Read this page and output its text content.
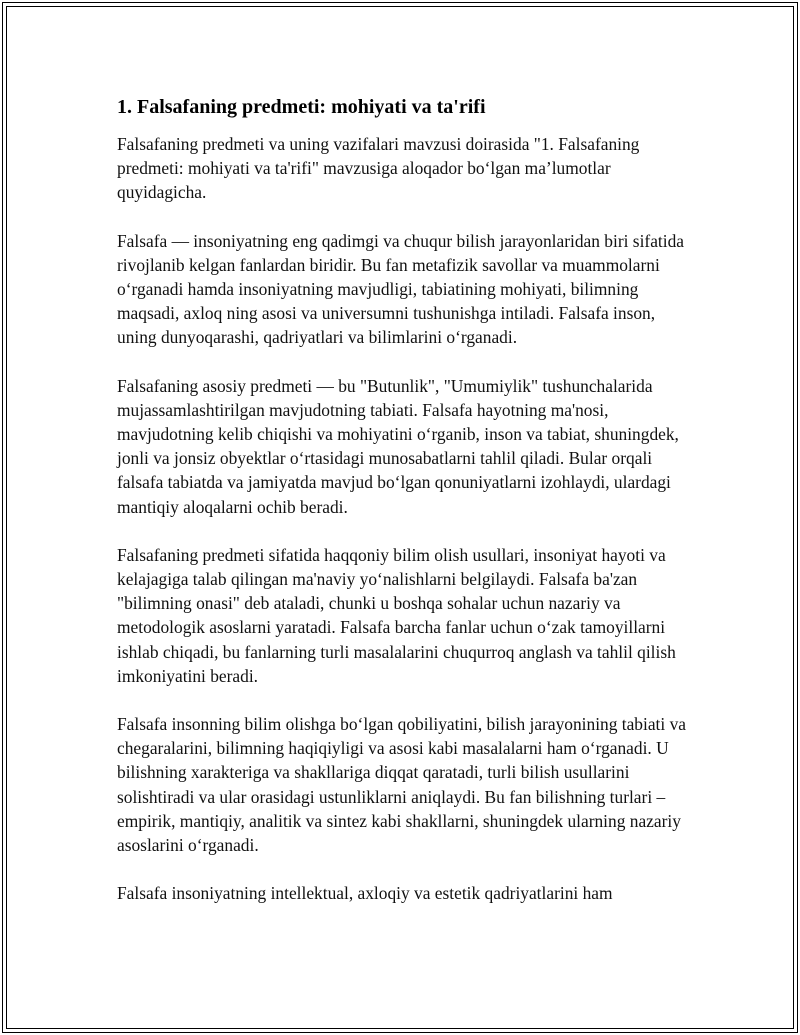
1. Falsafaning predmeti: mohiyati va ta'rifi

Falsafaning predmeti va uning vazifalari mavzusi doirasida "1. Falsafaning predmeti: mohiyati va ta'rifi" mavzusiga aloqador bo‘lgan ma’lumotlar quyidagicha.

Falsafa — insoniyatning eng qadimgi va chuqur bilish jarayonlaridan biri sifatida rivojlanib kelgan fanlardan biridir. Bu fan metafizik savollar va muammolarni o‘rganadi hamda insoniyatning mavjudligi, tabiatining mohiyati, bilimning maqsadi, axloq ning asosi va universumni tushunishga intiladi. Falsafa inson, uning dunyoqarashi, qadriyatlari va bilimlarini o‘rganadi.

Falsafaning asosiy predmeti — bu "Butunlik", "Umumiylik" tushunchalarida mujassamlashtirilgan mavjudotning tabiati. Falsafa hayotning ma'nosi, mavjudotning kelib chiqishi va mohiyatini o‘rganib, inson va tabiat, shuningdek, jonli va jonsiz obyektlar o‘rtasidagi munosabatlarni tahlil qiladi. Bular orqali falsafa tabiatda va jamiyatda mavjud bo‘lgan qonuniyatlarni izohlaydi, ulardagi mantiqiy aloqalarni ochib beradi.

Falsafaning predmeti sifatida haqqoniy bilim olish usullari, insoniyat hayoti va kelajagiga talab qilingan ma'naviy yo‘nalishlarni belgilaydi. Falsafa ba'zan "bilimning onasi" deb ataladi, chunki u boshqa sohalar uchun nazariy va metodologik asoslarni yaratadi. Falsafa barcha fanlar uchun o‘zak tamoyillarni ishlab chiqadi, bu fanlarning turli masalalarini chuqurroq anglash va tahlil qilish imkoniyatini beradi.

Falsafa insonning bilim olishga bo‘lgan qobiliyatini, bilish jarayonining tabiati va chegaralarini, bilimning haqiqiyligi va asosi kabi masalalarni ham o‘rganadi. U bilishning xarakteriga va shakllariga diqqat qaratadi, turli bilish usullarini solishtiradi va ular orasidagi ustunliklarni aniqlaydi. Bu fan bilishning turlari – empirik, mantiqiy, analitik va sintez kabi shakllarni, shuningdek ularning nazariy asoslarini o‘rganadi.

Falsafa insoniyatning intellektual, axloqiy va estetik qadriyatlarini ham
